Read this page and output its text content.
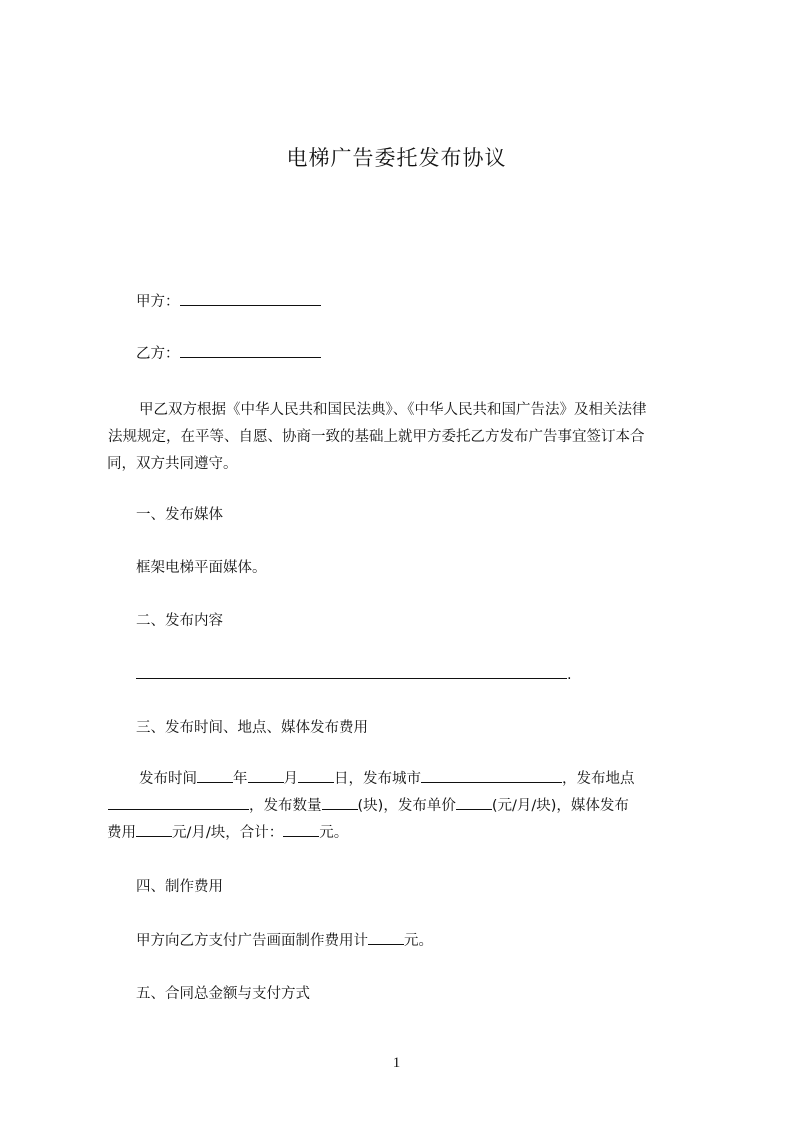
电梯广告委托发布协议
甲方：
乙方：
甲乙双方根据《中华人民共和国民法典》、《中华人民共和国广告法》及相关法律
法规规定，在平等、自愿、协商一致的基础上就甲方委托乙方发布广告事宜签订本合
同，双方共同遵守。
一、发布媒体
框架电梯平面媒体。
二、发布内容
.
三、发布时间、地点、媒体发布费用
发布时间 年 月 日，发布城市	，发布地点
，发布数量 (块)，发布单价 (元/月/块)，媒体发布
费用 元/月/块，合计： 元。
四、制作费用
甲方向乙方支付广告画面制作费用计 元。
五、合同总金额与支付方式
1
